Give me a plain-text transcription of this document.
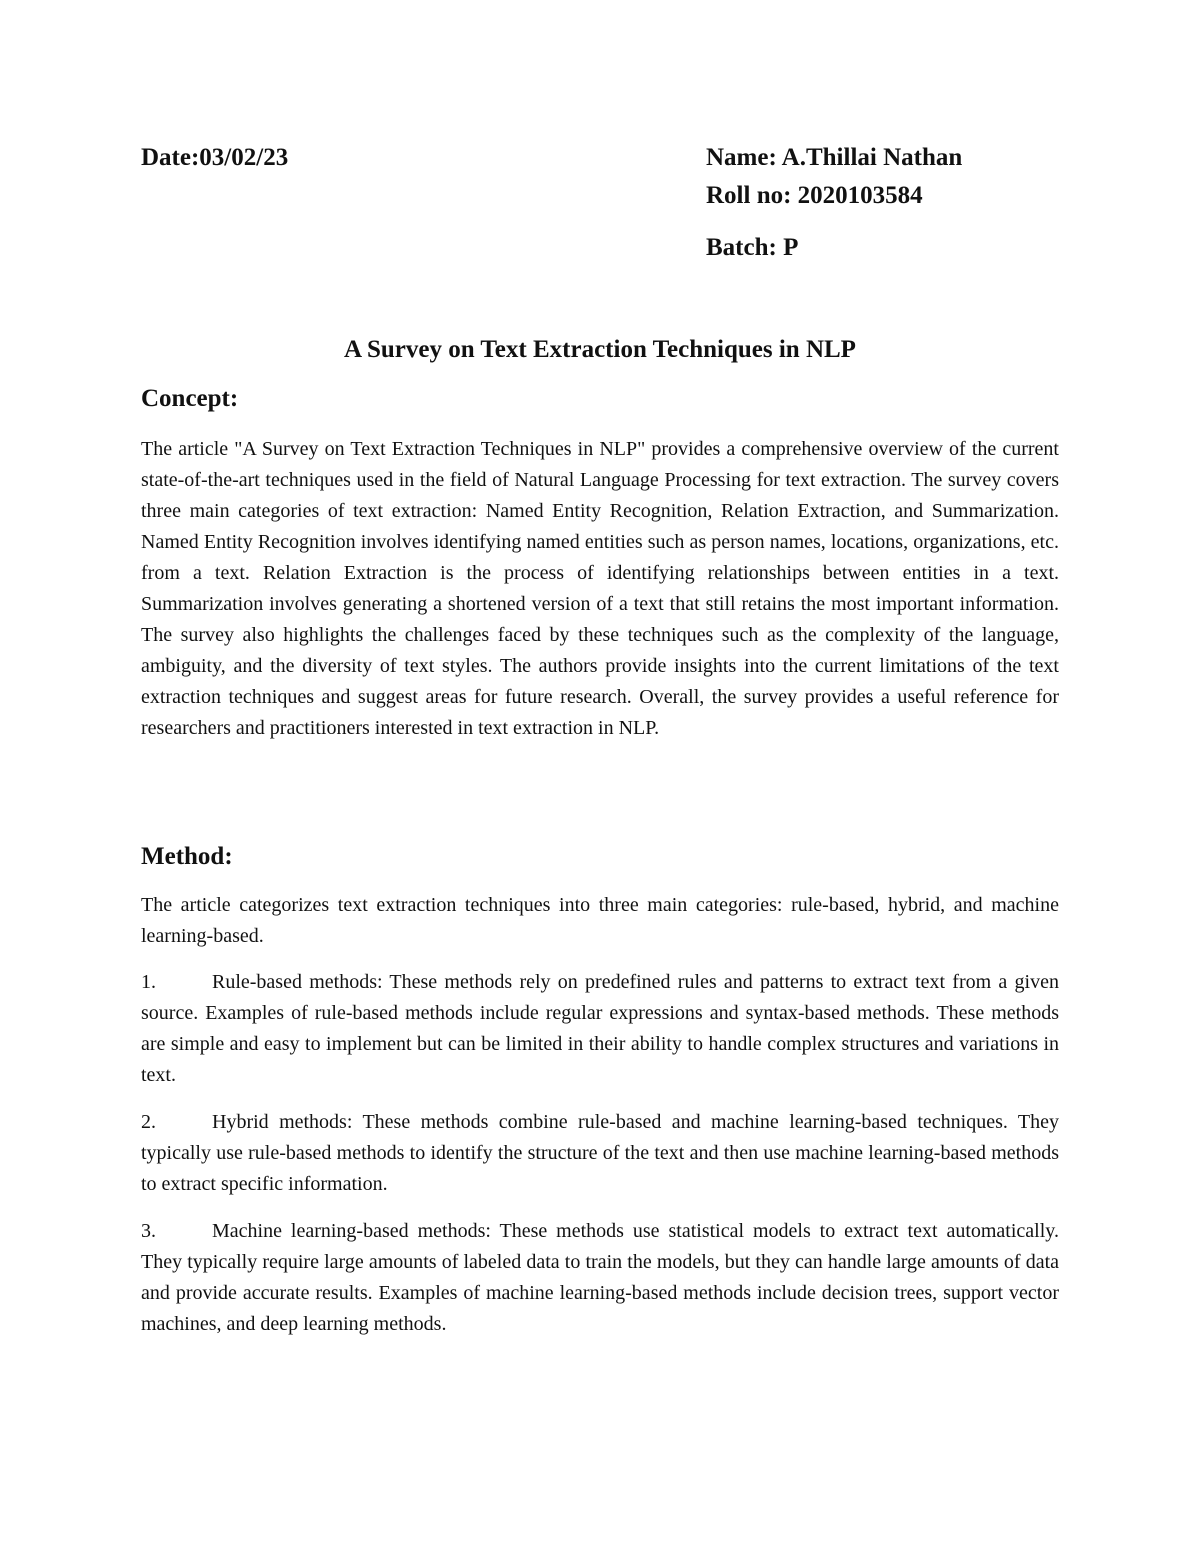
Date:03/02/23	Name: A.Thillai Nathan
Roll no: 2020103584
Batch: P
A Survey on Text Extraction Techniques in NLP
Concept:

The article "A Survey on Text Extraction Techniques in NLP" provides a comprehensive overview of the current state-of-the-art techniques used in the field of Natural Language Processing for text extraction. The survey covers three main categories of text extraction: Named Entity Recognition, Relation Extraction, and Summarization. Named Entity Recognition involves identifying named entities such as person names, locations, organizations, etc. from a text. Relation Extraction is the process of identifying relationships between entities in a text. Summarization involves generating a shortened version of a text that still retains the most important information. The survey also highlights the challenges faced by these techniques such as the complexity of the language, ambiguity, and the diversity of text styles. The authors provide insights into the current limitations of the text extraction techniques and suggest areas for future research. Overall, the survey provides a useful reference for researchers and practitioners interested in text extraction in NLP.

Method:

The article categorizes text extraction techniques into three main categories: rule-based, hybrid, and machine learning-based.

1.	Rule-based methods: These methods rely on predefined rules and patterns to extract text from a given source. Examples of rule-based methods include regular expressions and syntax-based methods. These methods are simple and easy to implement but can be limited in their ability to handle complex structures and variations in text.

2.	Hybrid methods: These methods combine rule-based and machine learning-based techniques. They typically use rule-based methods to identify the structure of the text and then use machine learning-based methods to extract specific information.

3.	Machine learning-based methods: These methods use statistical models to extract text automatically. They typically require large amounts of labeled data to train the models, but they can handle large amounts of data and provide accurate results. Examples of machine learning-based methods include decision trees, support vector machines, and deep learning methods.
